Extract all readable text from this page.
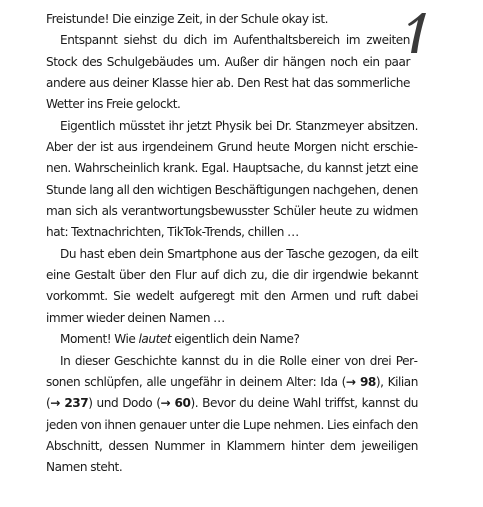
Freistunde! Die einzige Zeit, in der Schule okay ist.

Entspannt siehst du dich im Aufenthaltsbereich im zweiten Stock des Schulgebäudes um. Außer dir hängen noch ein paar andere aus deiner Klasse hier ab. Den Rest hat das sommerliche Wetter ins Freie gelockt.

Eigentlich müsstet ihr jetzt Physik bei Dr. Stanzmeyer absitzen. Aber der ist aus irgendeinem Grund heute Morgen nicht erschienen. Wahrscheinlich krank. Egal. Hauptsache, du kannst jetzt eine Stunde lang all den wichtigen Beschäftigungen nachgehen, denen man sich als verantwortungsbewusster Schüler heute zu widmen hat: Textnachrichten, TikTok-Trends, chillen …

Du hast eben dein Smartphone aus der Tasche gezogen, da eilt eine Gestalt über den Flur auf dich zu, die dir irgendwie bekannt vorkommt. Sie wedelt aufgeregt mit den Armen und ruft dabei immer wieder deinen Namen …

Moment! Wie lautet eigentlich dein Name?

In dieser Geschichte kannst du in die Rolle einer von drei Personen schlüpfen, alle ungefähr in deinem Alter: Ida (→ 98), Kilian (→ 237) und Dodo (→ 60). Bevor du deine Wahl triffst, kannst du jeden von ihnen genauer unter die Lupe nehmen. Lies einfach den Abschnitt, dessen Nummer in Klammern hinter dem jeweiligen Namen steht.
